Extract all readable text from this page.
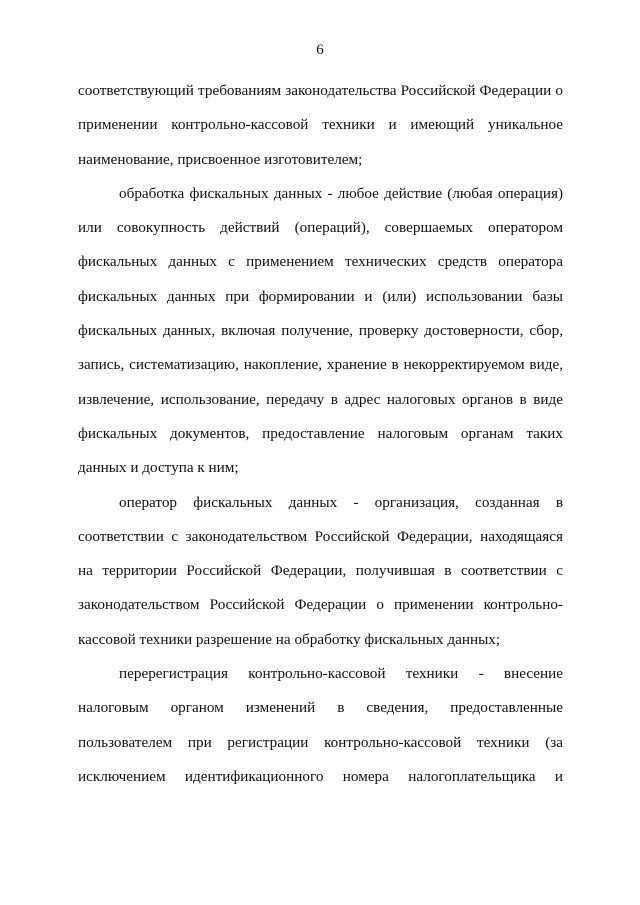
6

соответствующий требованиям законодательства Российской Федерации о применении контрольно-кассовой техники и имеющий уникальное наименование, присвоенное изготовителем;

обработка фискальных данных - любое действие (любая операция) или совокупность действий (операций), совершаемых оператором фискальных данных с применением технических средств оператора фискальных данных при формировании и (или) использовании базы фискальных данных, включая получение, проверку достоверности, сбор, запись, систематизацию, накопление, хранение в некорректируемом виде, извлечение, использование, передачу в адрес налоговых органов в виде фискальных документов, предоставление налоговым органам таких данных и доступа к ним;

оператор фискальных данных - организация, созданная в соответствии с законодательством Российской Федерации, находящаяся на территории Российской Федерации, получившая в соответствии с законодательством Российской Федерации о применении контрольно-кассовой техники разрешение на обработку фискальных данных;

перерегистрация контрольно-кассовой техники - внесение налоговым органом изменений в сведения, предоставленные пользователем при регистрации контрольно-кассовой техники (за исключением идентификационного номера налогоплательщика и
